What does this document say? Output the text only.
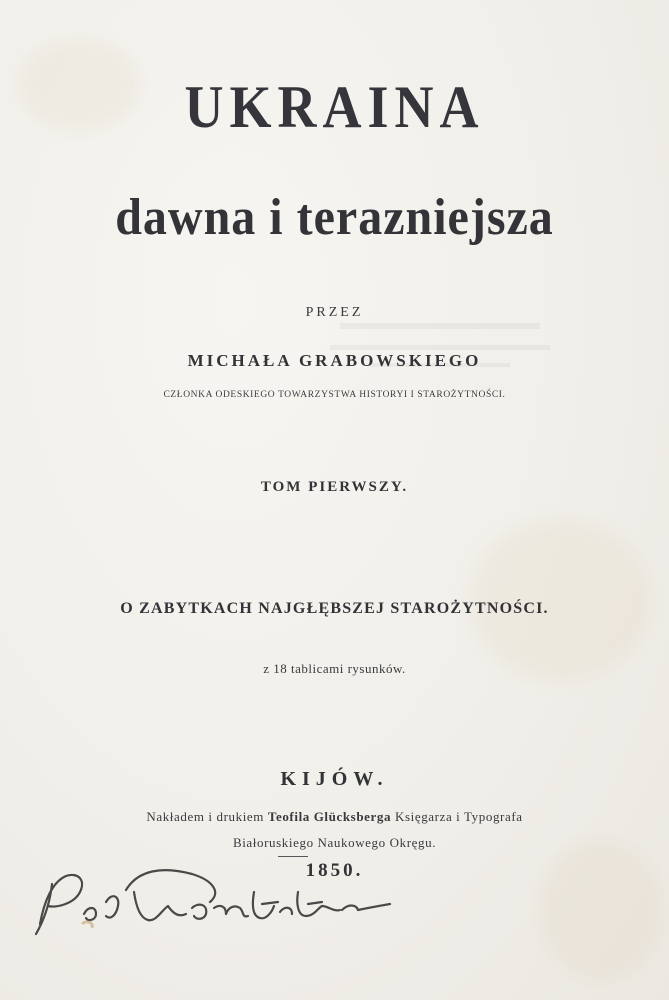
UKRAINA
dawna i terazniejsza
PRZEZ
MICHAŁA GRABOWSKIEGO
CZŁONKA ODESKIEGO TOWARZYSTWA HISTORYI I STAROŻYTNOŚCI.
TOM PIERWSZY.
O ZABYTKACH NAJGŁĘBSZEJ STAROŻYTNOŚCI.
z 18 tablicami rysunków.
KIJÓW.
Nakładem i drukiem Teofila Glücksberga Księgarza i Typografa
Białoruskiego Naukowego Okręgu.
1850.
